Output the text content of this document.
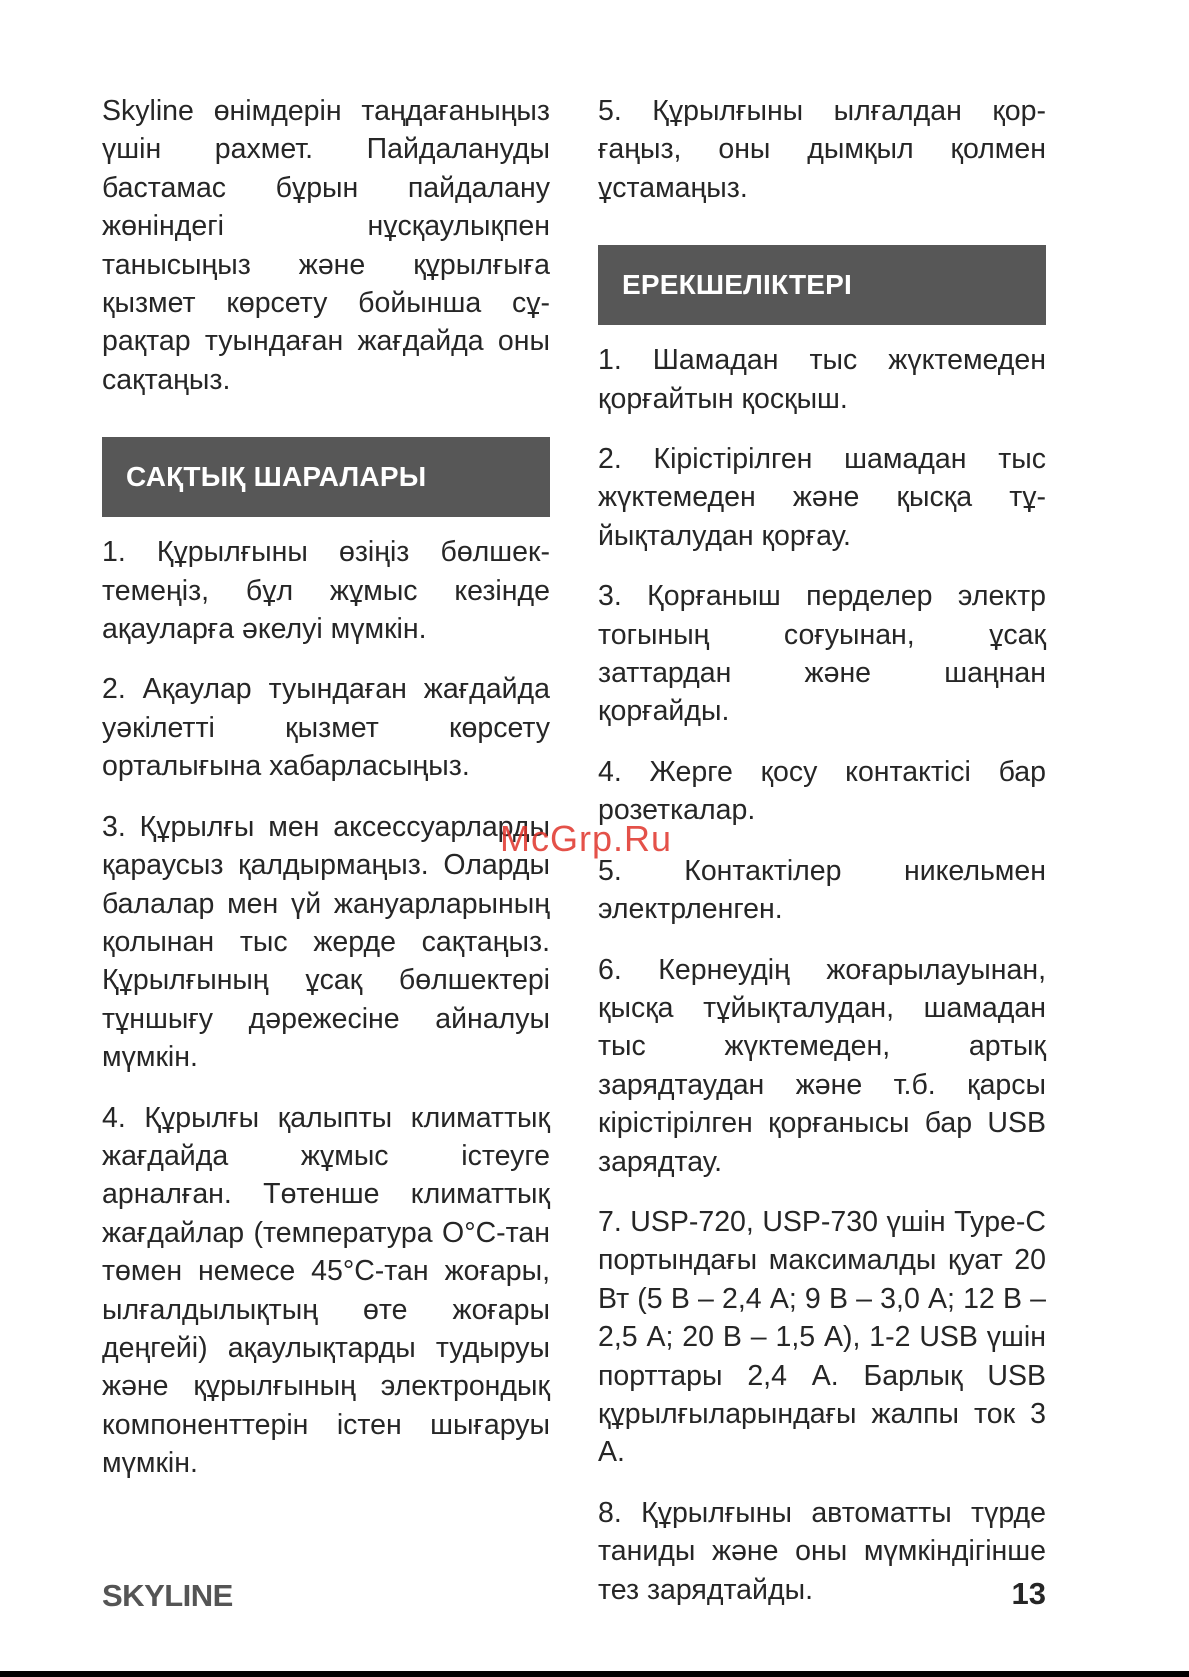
Skyline өнімдерін таңдағаныңыз үшін рахмет. Пайдалануды бастамас бұрын пайдалану жөніндегі нұсқаулықпен танысыңыз және құрылғыға қызмет көрсету бойынша сұрақтар туындаған жағдайда оны сақтаңыз.

САҚТЫҚ ШАРАЛАРЫ

1. Құрылғыны өзіңіз бөлшектемеңіз, бұл жұмыс кезінде ақауларға әкелуі мүмкін.

2. Ақаулар туындаған жағдайда уәкілетті қызмет көрсету орталығына хабарласыңыз.

3. Құрылғы мен аксессуарларды қараусыз қалдырмаңыз. Оларды балалар мен үй жануарларының қолынан тыс жерде сақтаңыз. Құрылғының ұсақ бөлшектері тұншығу дәрежесіне айналуы мүмкін.

4. Құрылғы қалыпты климаттық жағдайда жұмыс істеуге арналған. Төтенше климаттық жағдайлар (температура О°С-тан төмен немесе 45°С-тан жоғары, ылғалдылықтың өте жоғары деңгейі) ақаулықтарды тудыруы және құрылғының электрондық компоненттерін істен шығаруы мүмкін.

5. Құрылғыны ылғалдан қорғаңыз, оны дымқыл қолмен ұстамаңыз.

ЕРЕКШЕЛІКТЕРІ

1. Шамадан тыс жүктемеден қорғайтын қосқыш.

2. Кірістірілген шамадан тыс жүктемеден және қысқа тұйықталудан қорғау.

3. Қорғаныш перделер электр тогының соғуынан, ұсақ заттардан және шаңнан қорғайды.

4. Жерге қосу контактісі бар розеткалар.

5. Контактілер никельмен электрленген.

6. Кернеудің жоғарылауынан, қысқа тұйықталудан, шамадан тыс жүктемеден, артық зарядтаудан және т.б. қарсы кірістірілген қорғанысы бар USB зарядтау.

7. USP-720, USP-730 үшін Type-C портындағы максималды қуат 20 Вт (5 В – 2,4 А; 9 В – 3,0 А; 12 В – 2,5 А; 20 В – 1,5 А), 1-2 USB үшін порттары 2,4 А. Барлық USB құрылғыларындағы жалпы ток 3 А.

8. Құрылғыны автоматты түрде таниды және оны мүмкіндігінше тез зарядтайды.

McGrp.Ru
SKYLINE	13
